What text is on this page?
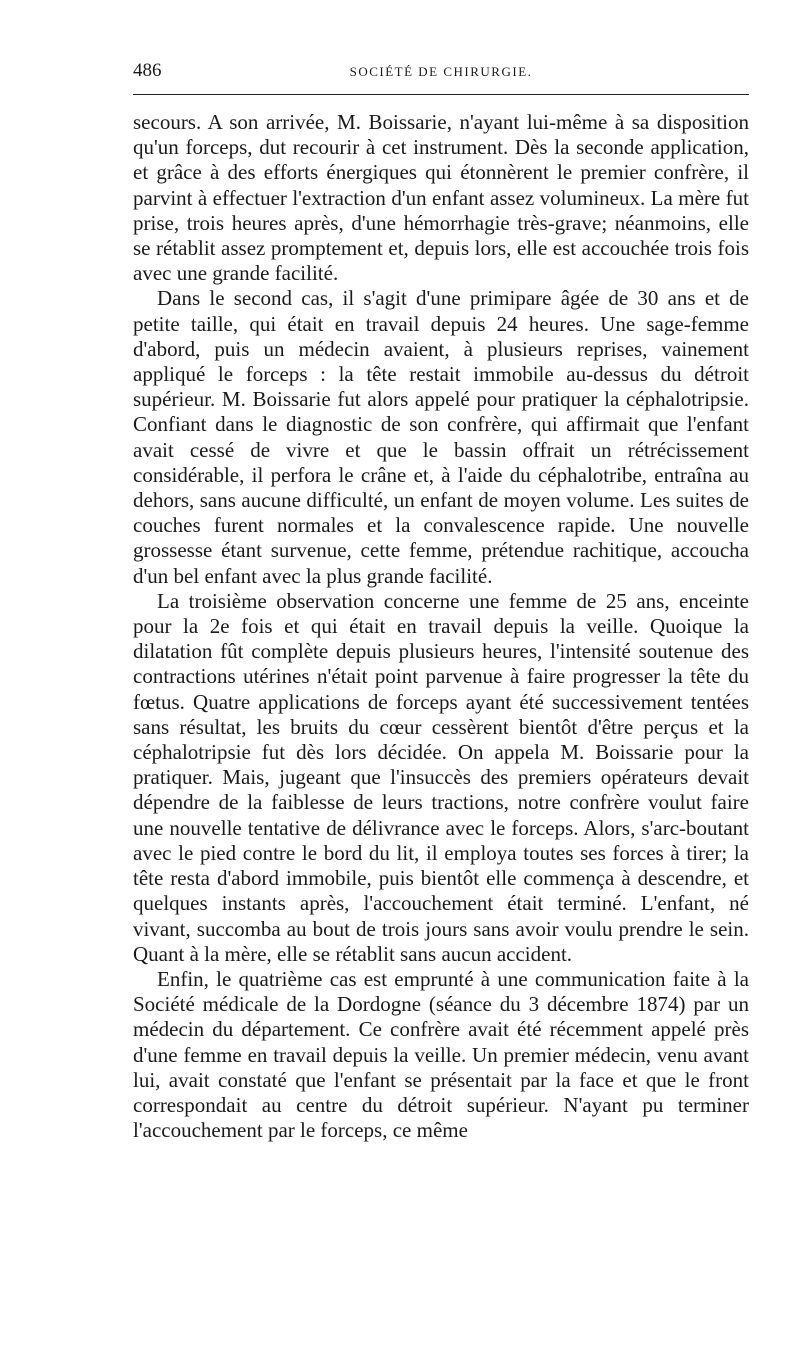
486	SOCIÉTÉ DE CHIRURGIE.

secours. A son arrivée, M. Boissarie, n'ayant lui-même à sa disposition qu'un forceps, dut recourir à cet instrument. Dès la seconde application, et grâce à des efforts énergiques qui étonnèrent le premier confrère, il parvint à effectuer l'extraction d'un enfant assez volumineux. La mère fut prise, trois heures après, d'une hémorrhagie très-grave; néanmoins, elle se rétablit assez promptement et, depuis lors, elle est accouchée trois fois avec une grande facilité.

Dans le second cas, il s'agit d'une primipare âgée de 30 ans et de petite taille, qui était en travail depuis 24 heures. Une sage-femme d'abord, puis un médecin avaient, à plusieurs reprises, vainement appliqué le forceps : la tête restait immobile au-dessus du détroit supérieur. M. Boissarie fut alors appelé pour pratiquer la céphalotripsie. Confiant dans le diagnostic de son confrère, qui affirmait que l'enfant avait cessé de vivre et que le bassin offrait un rétrécissement considérable, il perfora le crâne et, à l'aide du céphalotribe, entraîna au dehors, sans aucune difficulté, un enfant de moyen volume. Les suites de couches furent normales et la convalescence rapide. Une nouvelle grossesse étant survenue, cette femme, prétendue rachitique, accoucha d'un bel enfant avec la plus grande facilité.

La troisième observation concerne une femme de 25 ans, enceinte pour la 2e fois et qui était en travail depuis la veille. Quoique la dilatation fût complète depuis plusieurs heures, l'intensité soutenue des contractions utérines n'était point parvenue à faire progresser la tête du fœtus. Quatre applications de forceps ayant été successivement tentées sans résultat, les bruits du cœur cessèrent bientôt d'être perçus et la céphalotripsie fut dès lors décidée. On appela M. Boissarie pour la pratiquer. Mais, jugeant que l'insuccès des premiers opérateurs devait dépendre de la faiblesse de leurs tractions, notre confrère voulut faire une nouvelle tentative de délivrance avec le forceps. Alors, s'arc-boutant avec le pied contre le bord du lit, il employa toutes ses forces à tirer; la tête resta d'abord immobile, puis bientôt elle commença à descendre, et quelques instants après, l'accouchement était terminé. L'enfant, né vivant, succomba au bout de trois jours sans avoir voulu prendre le sein. Quant à la mère, elle se rétablit sans aucun accident.

Enfin, le quatrième cas est emprunté à une communication faite à la Société médicale de la Dordogne (séance du 3 décembre 1874) par un médecin du département. Ce confrère avait été récemment appelé près d'une femme en travail depuis la veille. Un premier médecin, venu avant lui, avait constaté que l'enfant se présentait par la face et que le front correspondait au centre du détroit supérieur. N'ayant pu terminer l'accouchement par le forceps, ce même
